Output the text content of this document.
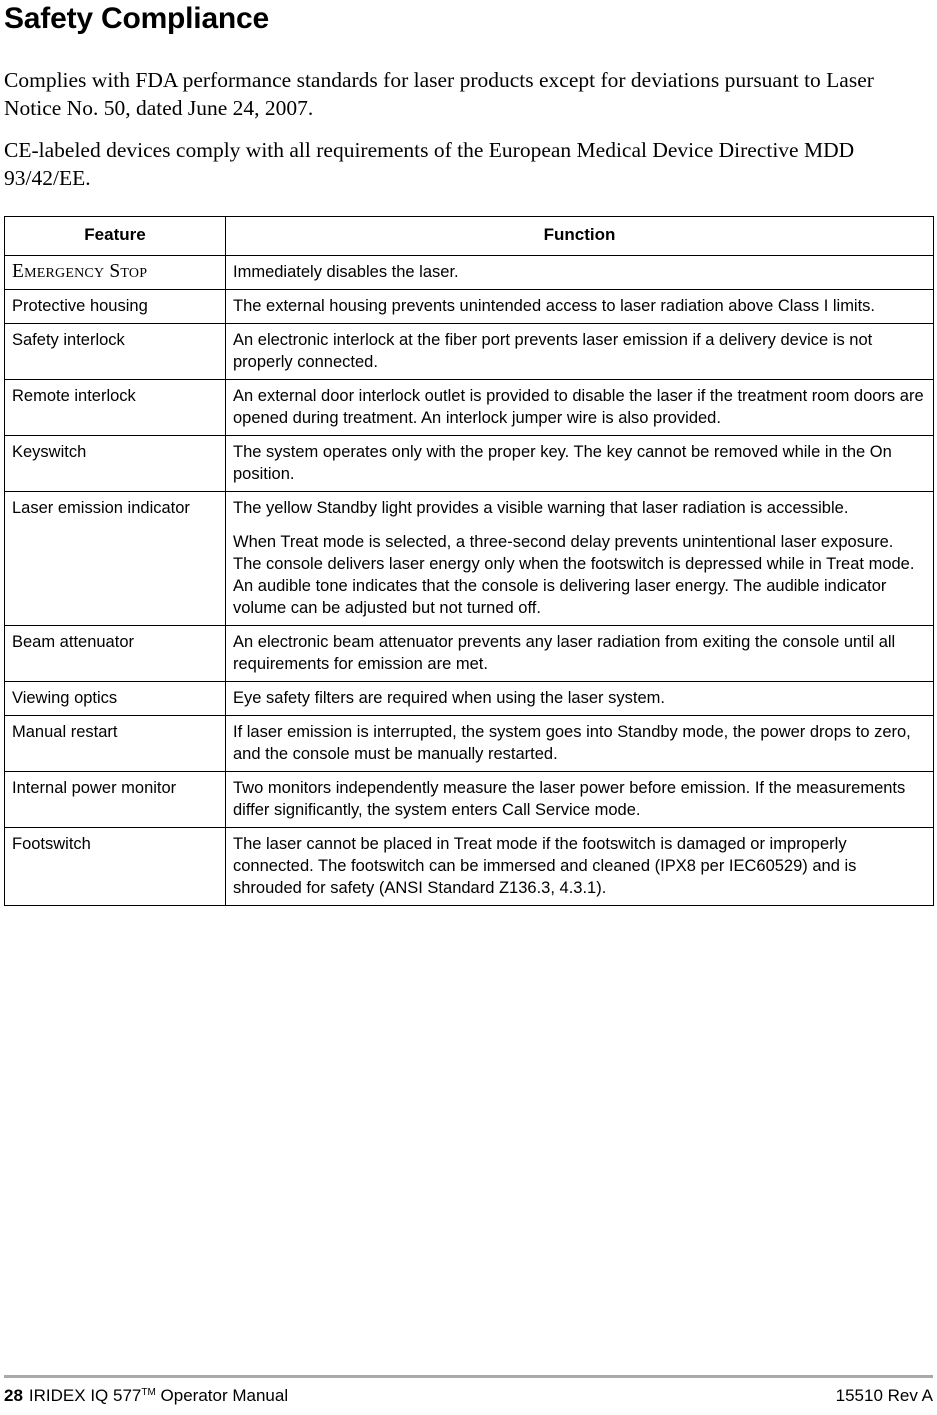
Safety Compliance

Complies with FDA performance standards for laser products except for deviations pursuant to Laser Notice No. 50, dated June 24, 2007.

CE-labeled devices comply with all requirements of the European Medical Device Directive MDD 93/42/EE.

Feature	Function
Emergency Stop	Immediately disables the laser.

Protective housing	The external housing prevents unintended access to laser radiation above Class I limits.

Safety interlock	An electronic interlock at the fiber port prevents laser emission if a delivery device is not properly connected.

Remote interlock	An external door interlock outlet is provided to disable the laser if the treatment room doors are opened during treatment. An interlock jumper wire is also provided.

Keyswitch	The system operates only with the proper key. The key cannot be removed while in the On position.

Laser emission indicator	The yellow Standby light provides a visible warning that laser radiation is accessible.

When Treat mode is selected, a three-second delay prevents unintentional laser exposure. The console delivers laser energy only when the footswitch is depressed while in Treat mode. An audible tone indicates that the console is delivering laser energy. The audible indicator volume can be adjusted but not turned off.

Beam attenuator	An electronic beam attenuator prevents any laser radiation from exiting the console until all requirements for emission are met.

Viewing optics	Eye safety filters are required when using the laser system.

Manual restart	If laser emission is interrupted, the system goes into Standby mode, the power drops to zero, and the console must be manually restarted.

Internal power monitor	Two monitors independently measure the laser power before emission. If the measurements differ significantly, the system enters Call Service mode.

Footswitch	The laser cannot be placed in Treat mode if the footswitch is damaged or improperly connected. The footswitch can be immersed and cleaned (IPX8 per IEC60529) and is shrouded for safety (ANSI Standard Z136.3, 4.3.1).

28 IRIDEX IQ 577™ Operator Manual	15510 Rev A
